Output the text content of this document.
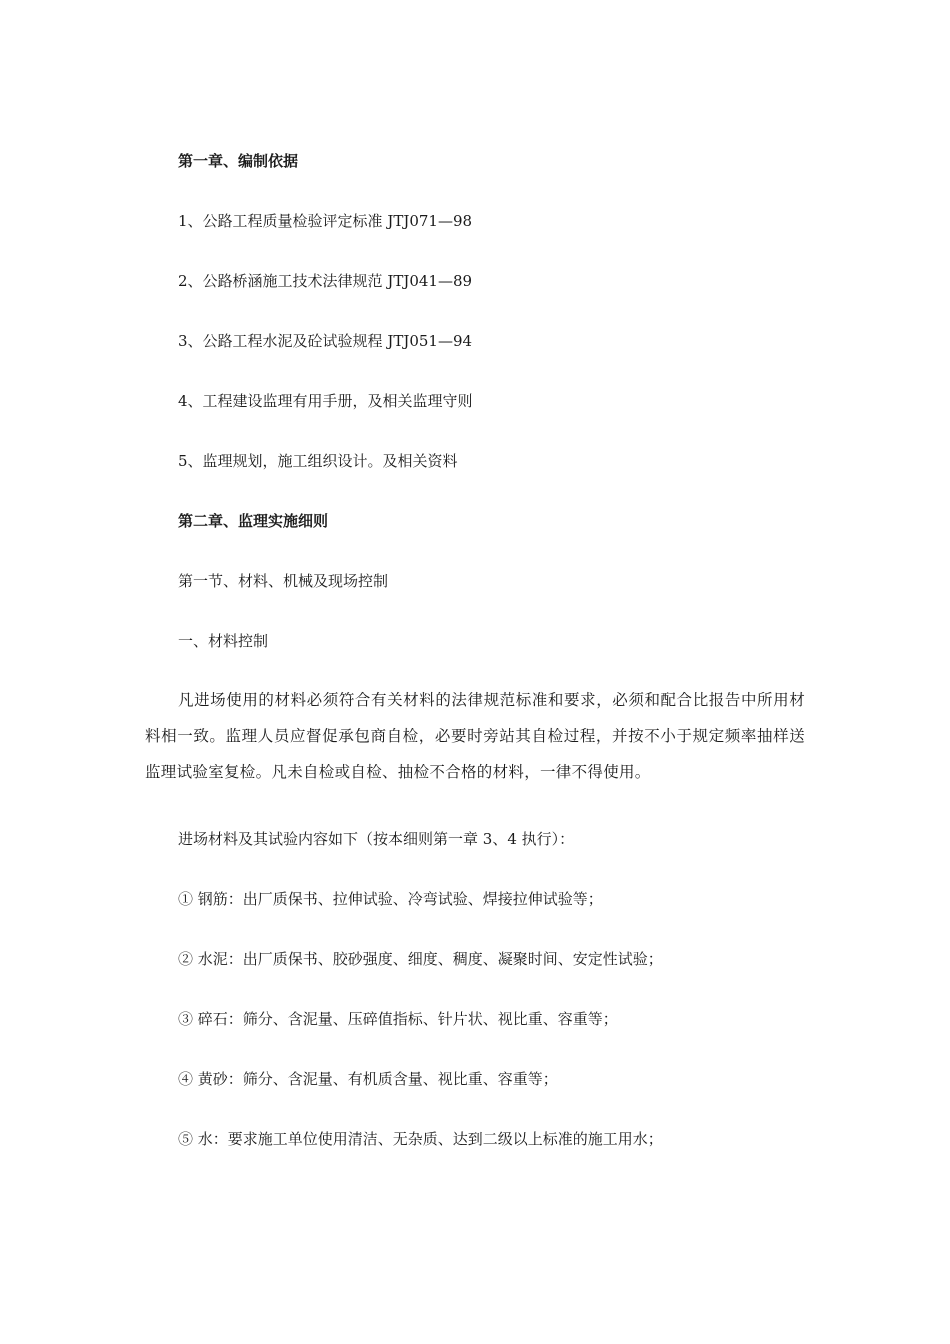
第一章、编制依据
1、公路工程质量检验评定标准 JTJ071—98
2、公路桥涵施工技术法律规范 JTJ041—89
3、公路工程水泥及砼试验规程 JTJ051—94
4、工程建设监理有用手册，及相关监理守则
5、监理规划，施工组织设计。及相关资料
第二章、监理实施细则
第一节、材料、机械及现场控制
一、材料控制
凡进场使用的材料必须符合有关材料的法律规范标准和要求，必须和配合比报告中所用材料相一致。监理人员应督促承包商自检，必要时旁站其自检过程，并按不小于规定频率抽样送监理试验室复检。凡未自检或自检、抽检不合格的材料，一律不得使用。
进场材料及其试验内容如下（按本细则第一章 3、4 执行）：
① 钢筋：出厂质保书、拉伸试验、冷弯试验、焊接拉伸试验等；
② 水泥：出厂质保书、胶砂强度、细度、稠度、凝聚时间、安定性试验；
③ 碎石：筛分、含泥量、压碎值指标、针片状、视比重、容重等；
④ 黄砂：筛分、含泥量、有机质含量、视比重、容重等；
⑤ 水：要求施工单位使用清洁、无杂质、达到二级以上标准的施工用水；
